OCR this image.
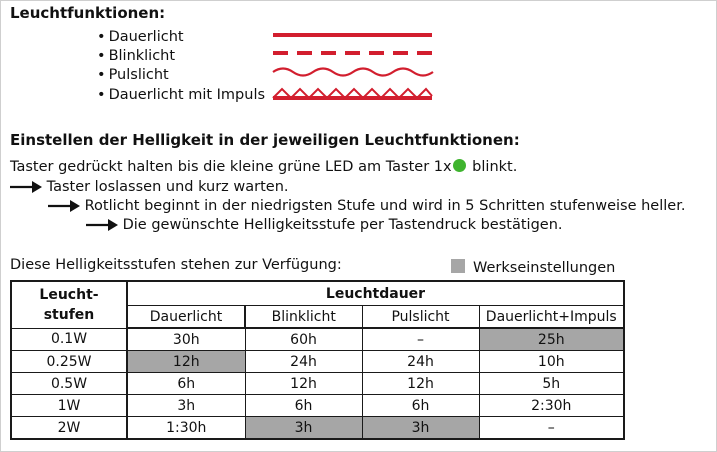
Leuchtfunktionen:
• Dauerlicht
• Blinklicht
• Pulslicht
• Dauerlicht mit Impuls
Einstellen der Helligkeit in der jeweiligen Leuchtfunktionen:
Taster gedrückt halten bis die kleine grüne LED am Taster 1x blinkt.
Taster loslassen und kurz warten.
Rotlicht beginnt in der niedrigsten Stufe und wird in 5 Schritten stufenweise heller.
Die gewünschte Helligkeitsstufe per Tastendruck bestätigen.
Diese Helligkeitsstufen stehen zur Verfügung:	Werkseinstellungen
Leucht-
stufen	Leuchtdauer			
	Dauerlicht	Blinklicht	Pulslicht	Dauerlicht+Impuls
0.1W	30h	60h	–	25h
0.25W	12h	24h	24h	10h
0.5W	6h	12h	12h	5h
1W	3h	6h	6h	2:30h
2W	1:30h	3h	3h	–
